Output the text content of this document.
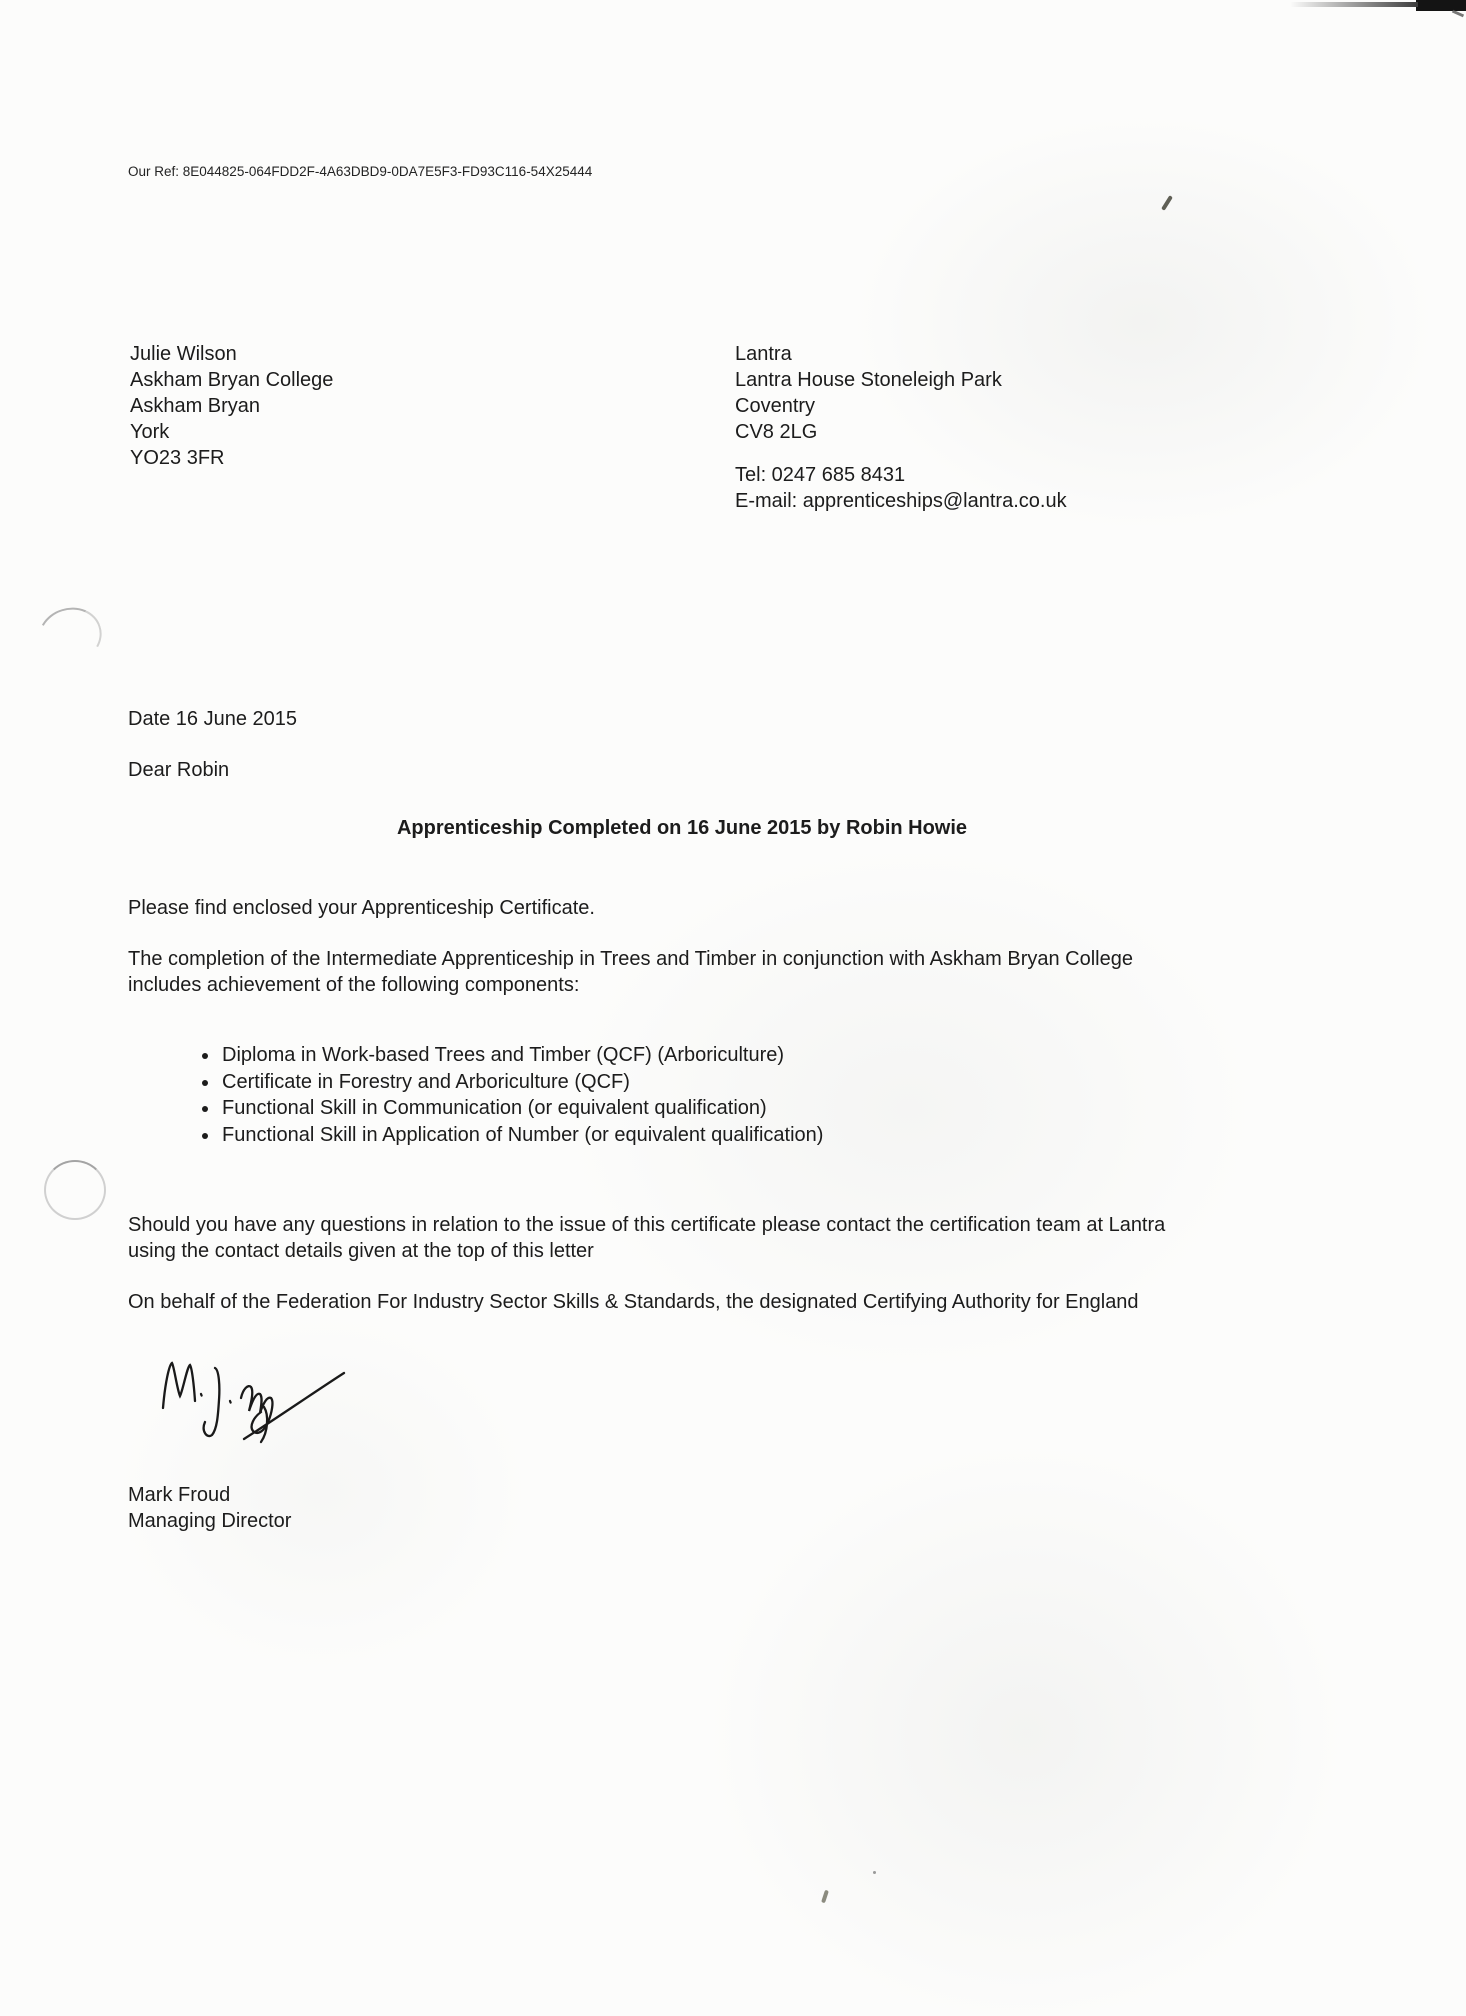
Our Ref: 8E044825-064FDD2F-4A63DBD9-0DA7E5F3-FD93C116-54X25444
Julie Wilson
Askham Bryan College
Askham Bryan
York
YO23 3FR
Lantra
Lantra House Stoneleigh Park
Coventry
CV8 2LG
Tel: 0247 685 8431
E-mail: apprenticeships@lantra.co.uk
Date 16 June 2015
Dear Robin
Apprenticeship Completed on 16 June 2015 by Robin Howie
Please find enclosed your Apprenticeship Certificate.
The completion of the Intermediate Apprenticeship in Trees and Timber in conjunction with Askham Bryan College
includes achievement of the following components:
• Diploma in Work-based Trees and Timber (QCF) (Arboriculture)
• Certificate in Forestry and Arboriculture (QCF)
• Functional Skill in Communication (or equivalent qualification)
• Functional Skill in Application of Number (or equivalent qualification)
Should you have any questions in relation to the issue of this certificate please contact the certification team at Lantra
using the contact details given at the top of this letter
On behalf of the Federation For Industry Sector Skills & Standards, the designated Certifying Authority for England
Mark Froud
Managing Director
